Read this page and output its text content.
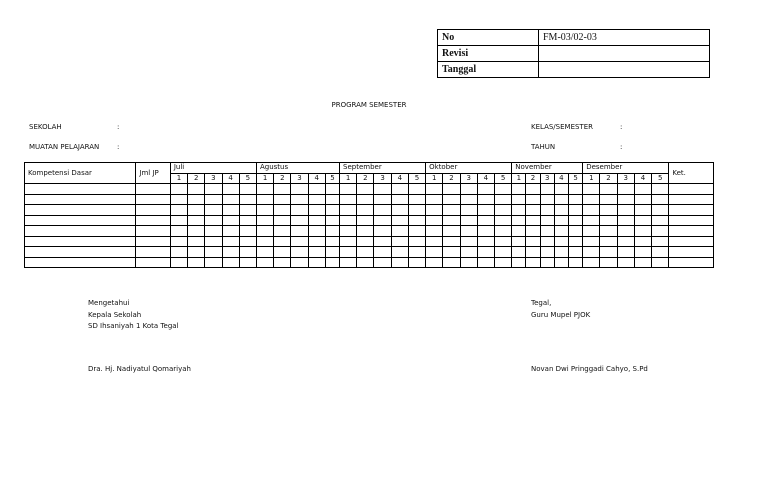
No	FM-03/02-03
Revisi	
Tanggal	
PROGRAM SEMESTER
SEKOLAH	:
MUATAN PELAJARAN	:
KELAS/SEMESTER	:
TAHUN	:
Kompetensi Dasar	Jml JP	Juli					Agustus					September					Oktober					November					Desember					Ket.
		1	2	3	4	5	1	2	3	4	5	1	2	3	4	5	1	2	3	4	5	1	2	3	4	5	1	2	3	4	5	

Mengetahui
Kepala Sekolah
SD Ihsaniyah 1 Kota Tegal
Dra. Hj. Nadiyatul Qomariyah
Tegal,
Guru Mupel PJOK
Novan Dwi Pringgadi Cahyo, S.Pd
